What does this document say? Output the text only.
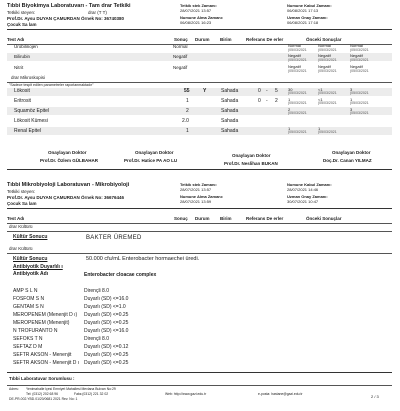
Tıbbi Biyokimya Laboratuvarı - Tam drar Tetkiki
Tetkiki steyen:	drar (T T)
Prof.Dr. Aysu DUYAN ÇAMURDAN Örnek No: 36740380
Çocuk Sa lam
Tetkik stek Zamanı:
28/07/2021 13:57
Numune Alma Zamanı:
06/08/2021 16:23
Numune Kabul Zamanı:
06/08/2021 17:13
Uzman Onay Zamanı:
06/08/2021 17:18
Test Adı	Sonuç Durum Birim	Referans De erler	Önceki Sonuçlar
Ürobilinojen	Normal	Normal	Normal	Normal
(05/03/2021	(05/03/2021	(05/03/2021
Bilirubin	Negatif	Negatif	Negatif	Negatif
(05/03/2021	(05/03/2021	(05/03/2021
Nitrit	Negatif	Negatif	Negatif	Negatif
(05/03/2021	(05/03/2021	(05/03/2021
drar Mikroskopisi
"Sadece tespit edilen parametreler raporlanmaktadır"
Lökosit	55	Y	Sahada	0 - 5	30	<1	3
(05/03/2021	(05/03/2021	(05/03/2021
Eritrosit	1	Sahada	0 - 2	1	<1	1
(05/03/2021	(05/03/2021	(05/03/2021
Squamöz Epitel	2	Sahada	2	3
(05/03/2021	(05/03/2021
Lökosit Kümesi	2.0	Sahada
Renal Epitel	1	Sahada	1	1
(05/03/2021	(05/03/2021
Onaylayan Doktor
Prof.Dr. Özlem GÜLBAHAR
Onaylayan Doktor
Prof.Dr. Hatice PA AO LU
Onaylayan Doktor
Prof.Dr. Neslihan BUKAN
Onaylayan Doktor
Doç.Dr. Canan YILMAZ
Tıbbi Mikrobiyoloji Laboratuvarı - Mikrobiyoloji
Tetkiki steyen:
Prof.Dr. Aysu DUYAN ÇAMURDAN Örnek No: 36676446
Çocuk Sa lam
Tetkik stek Zamanı:
28/07/2021 13:57
Numune Alma Zamanı:
28/07/2021 13:59
Numune Kabul Zamanı:
28/07/2021 14:46
Uzman Onay Zamanı:
30/07/2021 10:47
Test Adı	Sonuç Durum Birim	Referans De erler	Önceki Sonuçlar
drar Kültürü
Kültür Sonucu	BAKTER ÜREMED
drar Kültürü
Kültür Sonucu	50.000 cfu/mL Enterobacter hormaechei üredi.
Antibiyotik Duyarlılı ı
Antibiyotik Adı	Enterobacter cloacae complex
AMP S L N	Dirençli 8.0
FOSFOM S N	Duyarlı (SD) <=16.0
GENTAM S N	Duyarlı (SD) <=1.0
MEROPENEM (Menenjit D ı) Duyarlı (SD) <=0.25
MEROPENEM (Menenjit)	Duyarlı (SD) <=0.25
N TROFURANTO N	Duyarlı (SD) <=16.0
SEFOKS T N	Dirençli 8.0
SEFTAZ D M	Duyarlı (SD) <=0.12
SEFTR AKSON - Menenjit	Duyarlı (SD) <=0.25
SEFTR AKSON - Menenjit D ı Duyarlı (SD) <=0.25
Tıbbi Laboratuvar Sorumlusu :
Adres: Yenimahalle lçesi Emniyet Mahallesi Mevlana Bulvarı No:29
Tel: (0312) 202 68 96	Faks:(0312) 221 32 02	Web: http://www.gazi.edu.tr	e-posta: hastane@gazi.edu.tr
DE-PR-002.YBD.01/20/0681 2021 Rev. No: 1	2 / 3
